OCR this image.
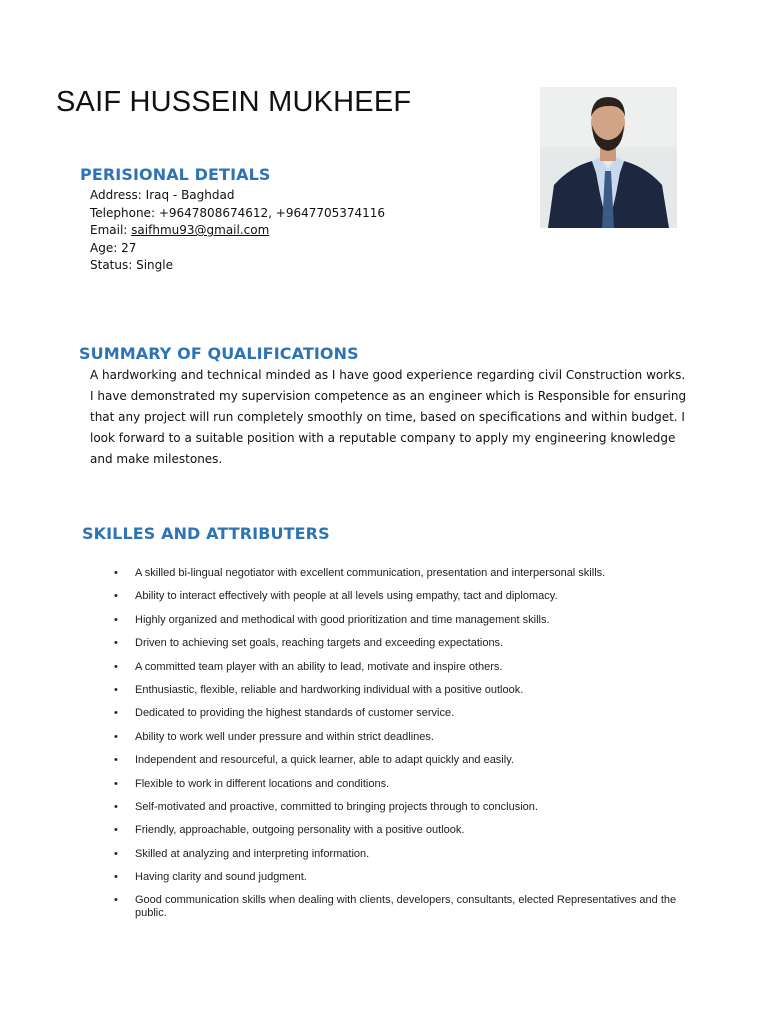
SAIF HUSSEIN MUKHEEF
PERISIONAL DETIALS
Address: Iraq - Baghdad
Telephone: +9647808674612, +9647705374116
Email: saifhmu93@gmail.com
Age: 27
Status: Single
SUMMARY OF QUALIFICATIONS

A hardworking and technical minded as I have good experience regarding civil Construction works. I have demonstrated my supervision competence as an engineer which is Responsible for ensuring that any project will run completely smoothly on time, based on specifications and within budget. I look forward to a suitable position with a reputable company to apply my engineering knowledge and make milestones.

SKILLES AND ATTRIBUTERS
• A skilled bi-lingual negotiator with excellent communication, presentation and interpersonal skills.
• Ability to interact effectively with people at all levels using empathy, tact and diplomacy.
• Highly organized and methodical with good prioritization and time management skills.
• Driven to achieving set goals, reaching targets and exceeding expectations.
• A committed team player with an ability to lead, motivate and inspire others.
• Enthusiastic, flexible, reliable and hardworking individual with a positive outlook.
• Dedicated to providing the highest standards of customer service.
• Ability to work well under pressure and within strict deadlines.
• Independent and resourceful, a quick learner, able to adapt quickly and easily.
• Flexible to work in different locations and conditions.
• Self-motivated and proactive, committed to bringing projects through to conclusion.
• Friendly, approachable, outgoing personality with a positive outlook.
• Skilled at analyzing and interpreting information.
• Having clarity and sound judgment.
• Good communication skills when dealing with clients, developers, consultants, elected Representatives and the public.
